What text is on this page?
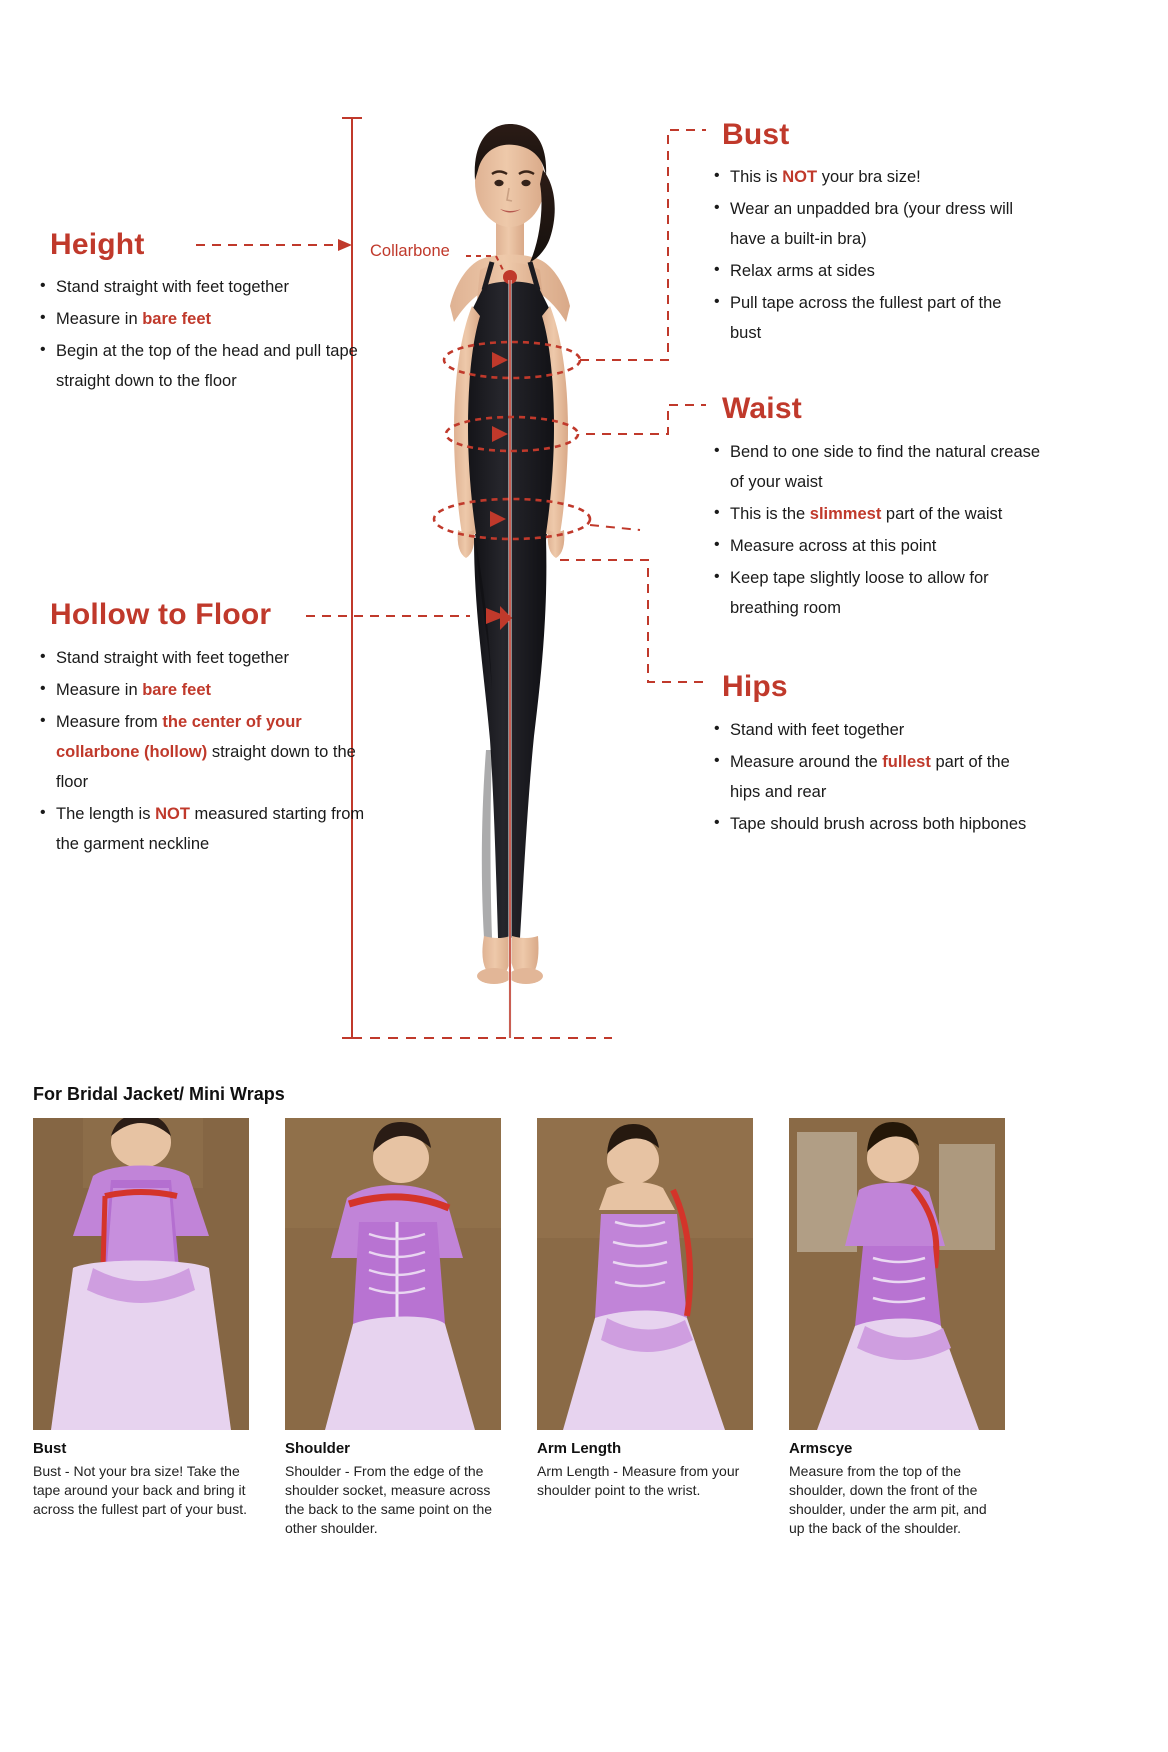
Collarbone
Height
• Stand straight with feet together
• Measure in bare feet
• Begin at the top of the head and pull tape straight down to the floor
Hollow to Floor
• Stand straight with feet together
• Measure in bare feet
• Measure from the center of your collarbone (hollow) straight down to the floor
• The length is NOT measured starting from the garment neckline
Bust
• This is NOT your bra size!
• Wear an unpadded bra (your dress will have a built-in bra)
• Relax arms at sides
• Pull tape across the fullest part of the bust
Waist
• Bend to one side to find the natural crease of your waist
• This is the slimmest part of the waist
• Measure across at this point
• Keep tape slightly loose to allow for breathing room
Hips
• Stand with feet together
• Measure around the fullest part of the hips and rear
• Tape should brush across both hipbones
For Bridal Jacket/ Mini Wraps
Bust
Bust - Not your bra size! Take the tape around your back and bring it across the fullest part of your bust.
Shoulder
Shoulder - From the edge of the shoulder socket, measure across the back to the same point on the other shoulder.
Arm Length
Arm Length - Measure from your shoulder point to the wrist.
Armscye
Measure from the top of the shoulder, down the front of the shoulder, under the arm pit, and up the back of the shoulder.
